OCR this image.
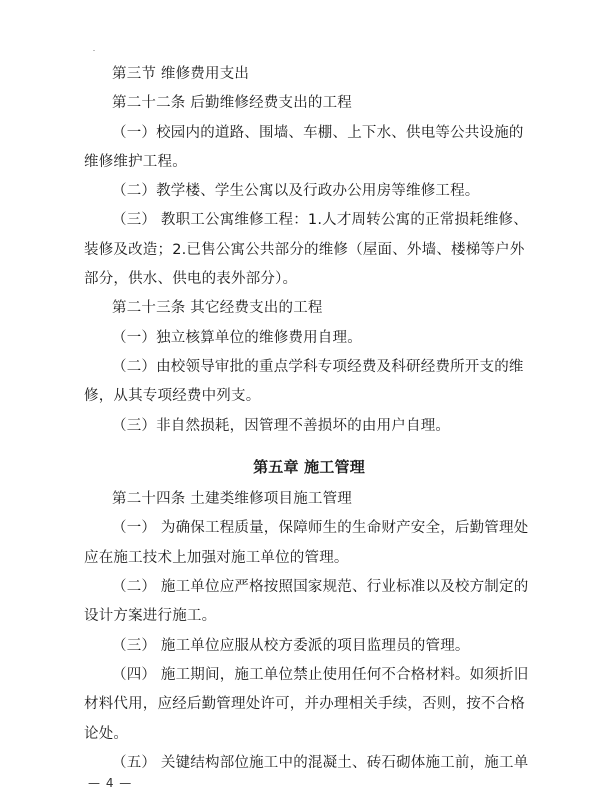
第三节 维修费用支出
第二十二条 后勤维修经费支出的工程
（一）校园内的道路、围墙、车棚、上下水、供电等公共设施的
维修维护工程。
（二）教学楼、学生公寓以及行政办公用房等维修工程。
（三） 教职工公寓维修工程：1.人才周转公寓的正常损耗维修、
装修及改造；2.已售公寓公共部分的维修（屋面、外墙、楼梯等户外
部分，供水、供电的表外部分）。
第二十三条 其它经费支出的工程
（一）独立核算单位的维修费用自理。
（二）由校领导审批的重点学科专项经费及科研经费所开支的维
修，从其专项经费中列支。
（三）非自然损耗，因管理不善损坏的由用户自理。
第五章 施工管理
第二十四条 土建类维修项目施工管理
（一） 为确保工程质量，保障师生的生命财产安全，后勤管理处
应在施工技术上加强对施工单位的管理。
（二） 施工单位应严格按照国家规范、行业标准以及校方制定的
设计方案进行施工。
（三） 施工单位应服从校方委派的项目监理员的管理。
（四） 施工期间，施工单位禁止使用任何不合格材料。如须折旧
材料代用，应经后勤管理处许可，并办理相关手续，否则，按不合格
论处。
（五） 关键结构部位施工中的混凝土、砖石砌体施工前，施工单
— 4 —
